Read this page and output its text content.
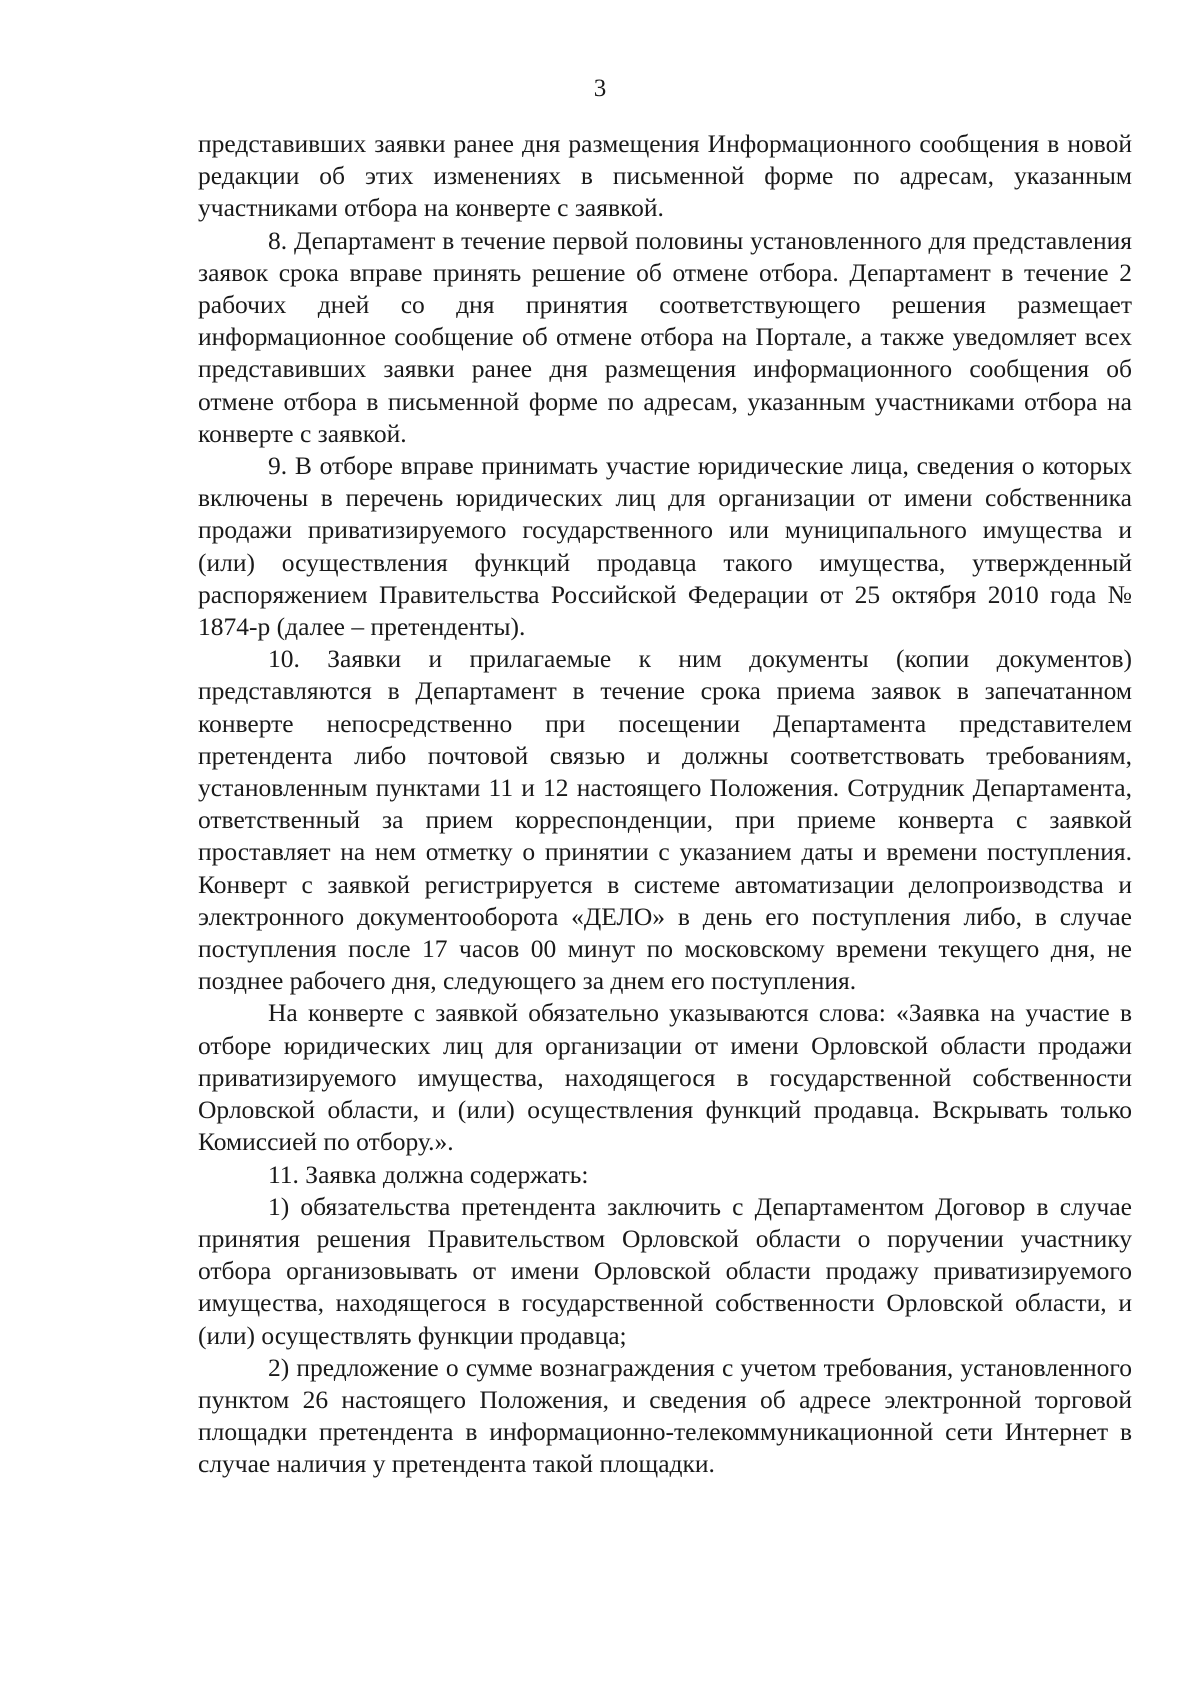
3

представивших заявки ранее дня размещения Информационного сообщения в новой редакции об этих изменениях в письменной форме по адресам, указанным участниками отбора на конверте с заявкой.

8. Департамент в течение первой половины установленного для представления заявок срока вправе принять решение об отмене отбора. Департамент в течение 2 рабочих дней со дня принятия соответствующего решения размещает информационное сообщение об отмене отбора на Портале, а также уведомляет всех представивших заявки ранее дня размещения информационного сообщения об отмене отбора в письменной форме по адресам, указанным участниками отбора на конверте с заявкой.

9. В отборе вправе принимать участие юридические лица, сведения о которых включены в перечень юридических лиц для организации от имени собственника продажи приватизируемого государственного или муниципального имущества и (или) осуществления функций продавца такого имущества, утвержденный распоряжением Правительства Российской Федерации от 25 октября 2010 года № 1874-р (далее – претенденты).

10. Заявки и прилагаемые к ним документы (копии документов) представляются в Департамент в течение срока приема заявок в запечатанном конверте непосредственно при посещении Департамента представителем претендента либо почтовой связью и должны соответствовать требованиям, установленным пунктами 11 и 12 настоящего Положения. Сотрудник Департамента, ответственный за прием корреспонденции, при приеме конверта с заявкой проставляет на нем отметку о принятии с указанием даты и времени поступления. Конверт с заявкой регистрируется в системе автоматизации делопроизводства и электронного документооборота «ДЕЛО» в день его поступления либо, в случае поступления после 17 часов 00 минут по московскому времени текущего дня, не позднее рабочего дня, следующего за днем его поступления.

На конверте с заявкой обязательно указываются слова: «Заявка на участие в отборе юридических лиц для организации от имени Орловской области продажи приватизируемого имущества, находящегося в государственной собственности Орловской области, и (или) осуществления функций продавца. Вскрывать только Комиссией по отбору.».

11. Заявка должна содержать:

1) обязательства претендента заключить с Департаментом Договор в случае принятия решения Правительством Орловской области о поручении участнику отбора организовывать от имени Орловской области продажу приватизируемого имущества, находящегося в государственной собственности Орловской области, и (или) осуществлять функции продавца;

2) предложение о сумме вознаграждения с учетом требования, установленного пунктом 26 настоящего Положения, и сведения об адресе электронной торговой площадки претендента в информационно-телекоммуникационной сети Интернет в случае наличия у претендента такой площадки.
